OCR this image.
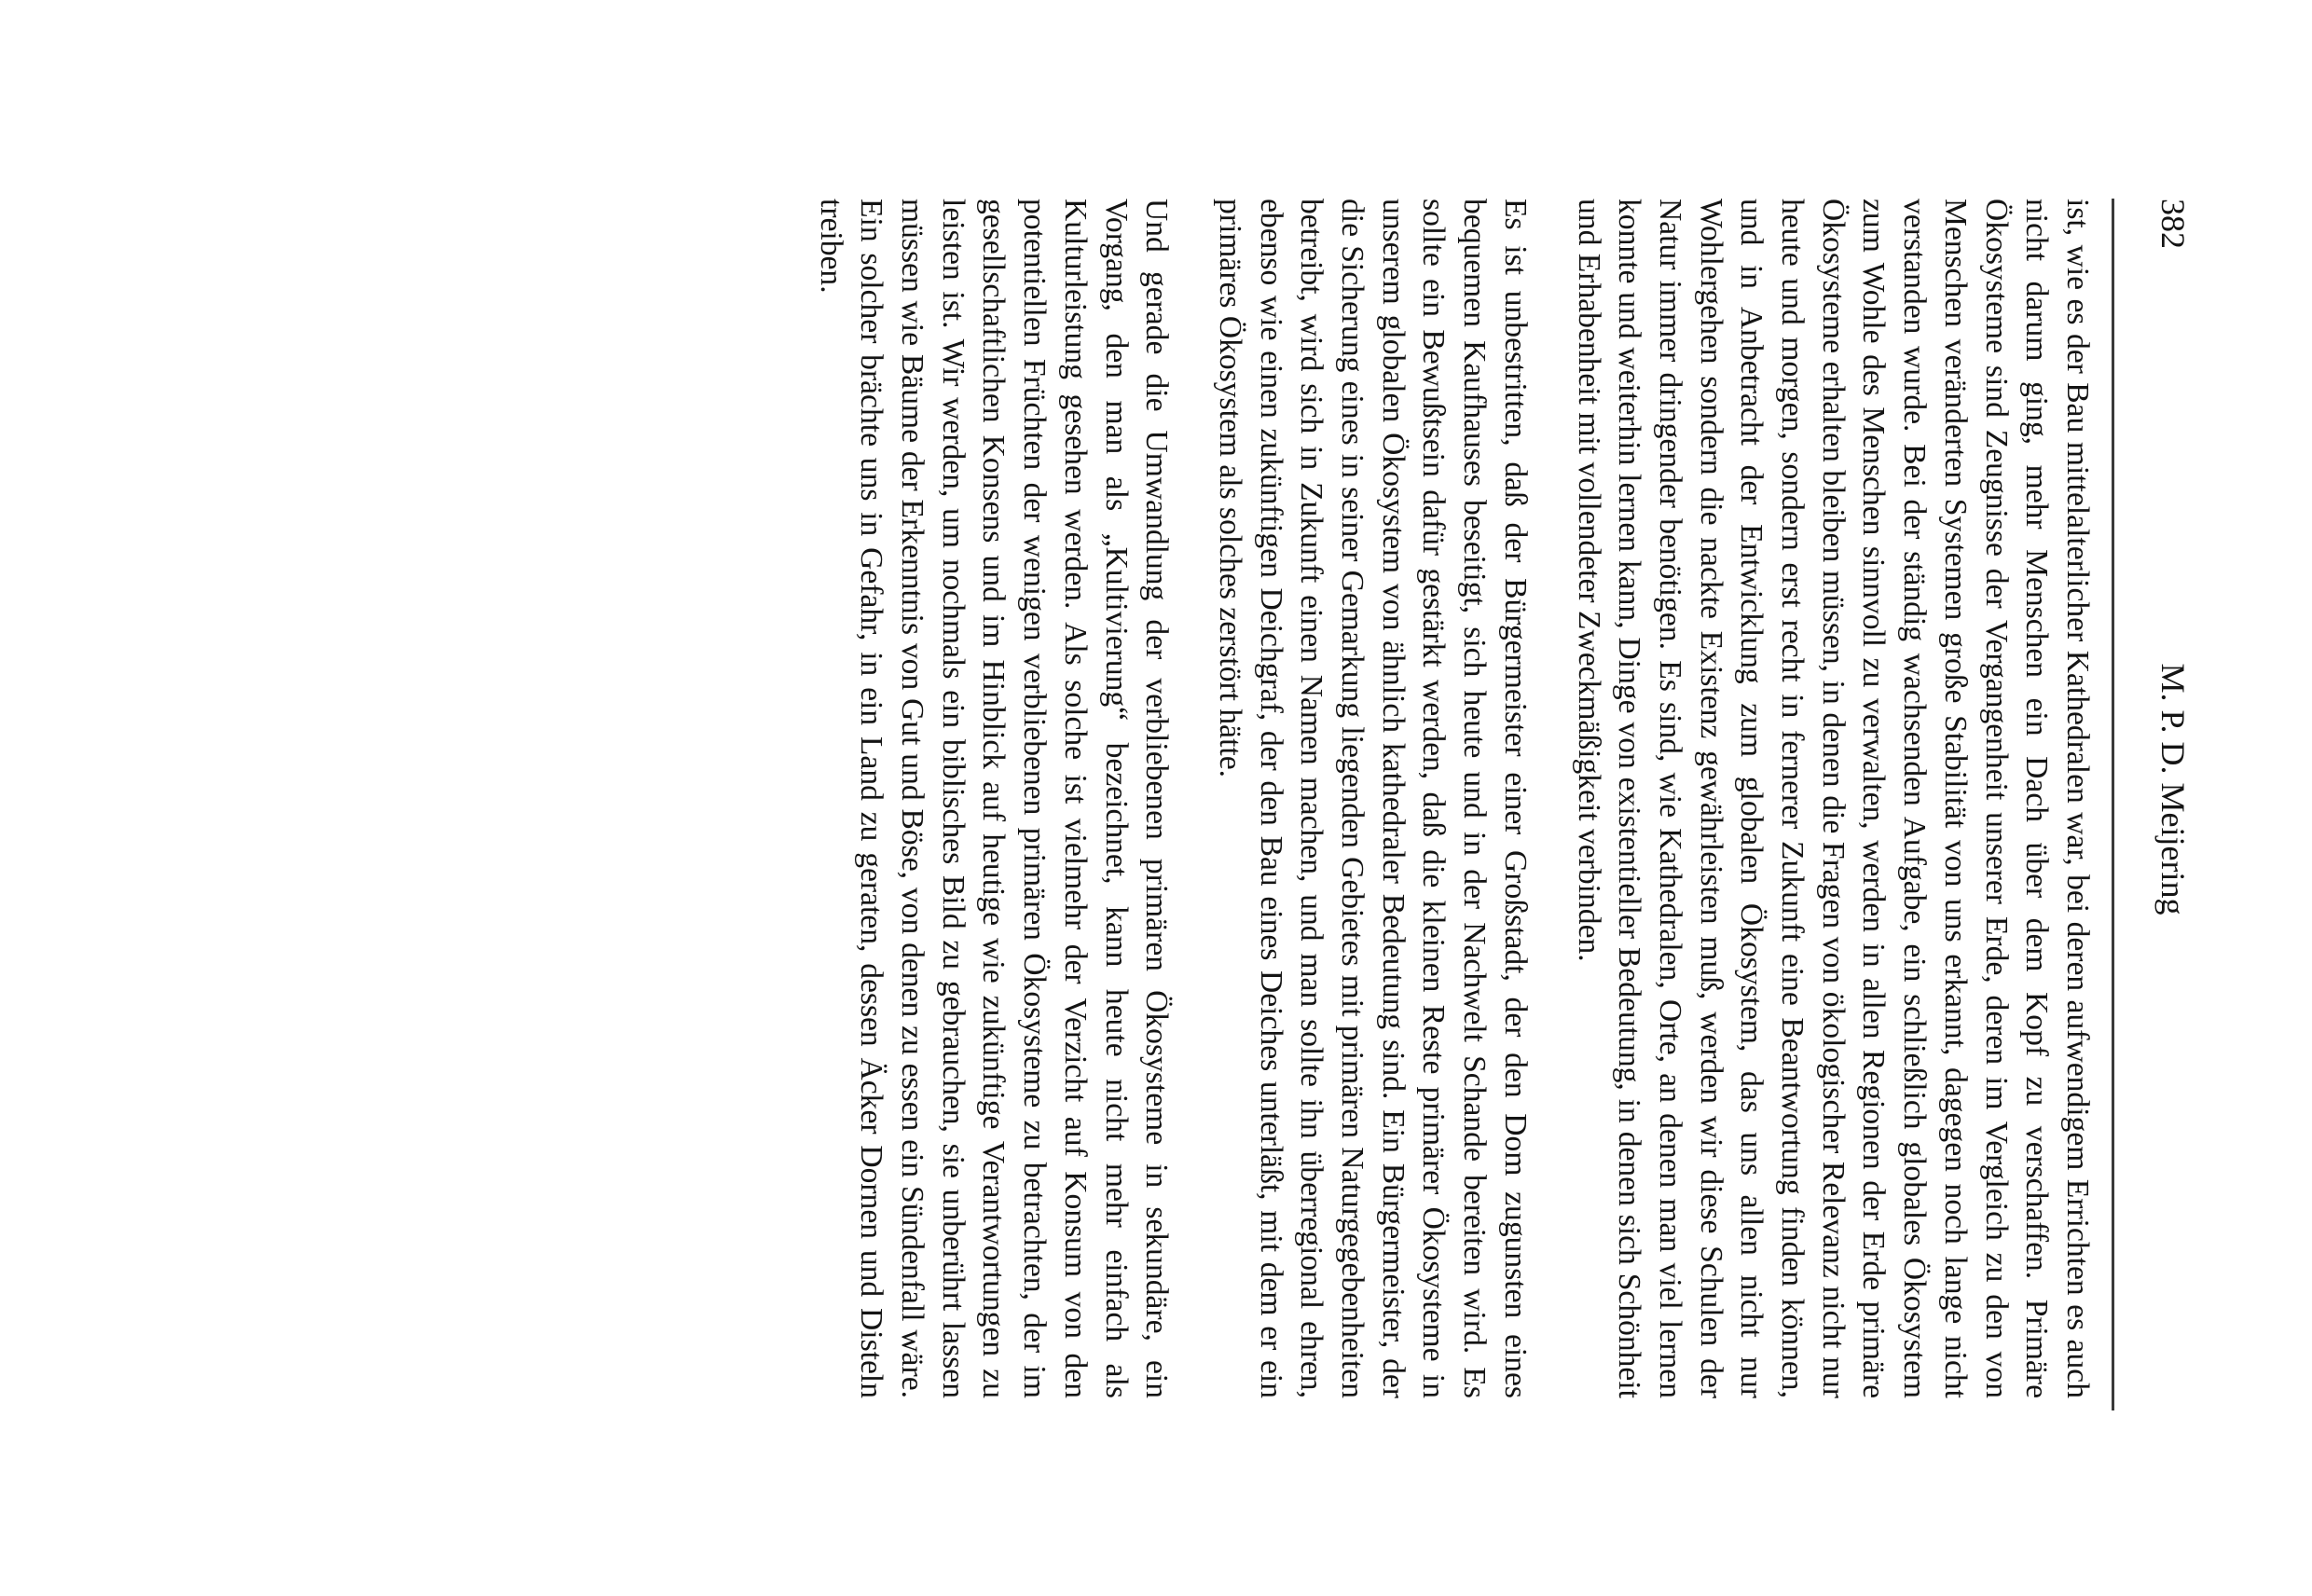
382
M. P. D. Meijering

ist, wie es der Bau mittelalterlicher Kathedralen war, bei deren aufwendigem Errichten es auch nicht darum ging, mehr Menschen ein Dach über dem Kopf zu verschaffen. Primäre Ökosysteme sind Zeugnisse der Vergangenheit unserer Erde, deren im Vergleich zu den von Menschen veränderten Systemen große Stabilität von uns erkannt, dagegen noch lange nicht verstanden wurde. Bei der ständig wachsenden Aufgabe, ein schließlich globales Ökosystem zum Wohle des Menschen sinnvoll zu verwalten, werden in allen Regionen der Erde primäre Ökosysteme erhalten bleiben müssen, in denen die Fragen von ökologischer Relevanz nicht nur heute und morgen, sondern erst recht in fernerer Zukunft eine Beantwortung finden können, und in Anbetracht der Entwicklung zum globalen Ökosystem, das uns allen nicht nur Wohlergehen sondern die nackte Existenz gewährleisten muß, werden wir diese Schulen der Natur immer dringender benötigen. Es sind, wie Kathedralen, Orte, an denen man viel lernen konnte und weiterhin lernen kann, Dinge von existentieller Bedeutung, in denen sich Schönheit und Erhabenheit mit vollendeter Zweckmäßigkeit verbinden.

Es ist unbestritten, daß der Bürgermeister einer Großstadt, der den Dom zugunsten eines bequemen Kaufhauses beseitigt, sich heute und in der Nachwelt Schande bereiten wird. Es sollte ein Bewußtsein dafür gestärkt werden, daß die kleinen Reste primärer Ökosysteme in unserem globalen Ökosystem von ähnlich kathedraler Bedeutung sind. Ein Bürgermeister, der die Sicherung eines in seiner Gemarkung liegenden Gebietes mit primären Naturgegebenheiten betreibt, wird sich in Zukunft einen Namen machen, und man sollte ihn überregional ehren, ebenso wie einen zukünftigen Deichgraf, der den Bau eines Deiches unterläßt, mit dem er ein primäres Ökosystem als solches zerstört hätte.

Und gerade die Umwandlung der verbliebenen primären Ökosysteme in sekundäre, ein Vorgang, den man als „Kultivierung“ bezeichnet, kann heute nicht mehr einfach als Kulturleistung gesehen werden. Als solche ist vielmehr der Verzicht auf Konsum von den potentiellen Früchten der wenigen verbliebenen primären Ökosysteme zu betrachten, der im gesellschaftlichen Konsens und im Hinblick auf heutige wie zukünftige Verantwortungen zu leisten ist. Wir werden, um nochmals ein biblisches Bild zu gebrauchen, sie unberührt lassen müssen wie Bäume der Erkenntnis von Gut und Böse, von denen zu essen ein Sündenfall wäre. Ein solcher brächte uns in Gefahr, in ein Land zu geraten, dessen Äcker Dornen und Disteln treiben.
